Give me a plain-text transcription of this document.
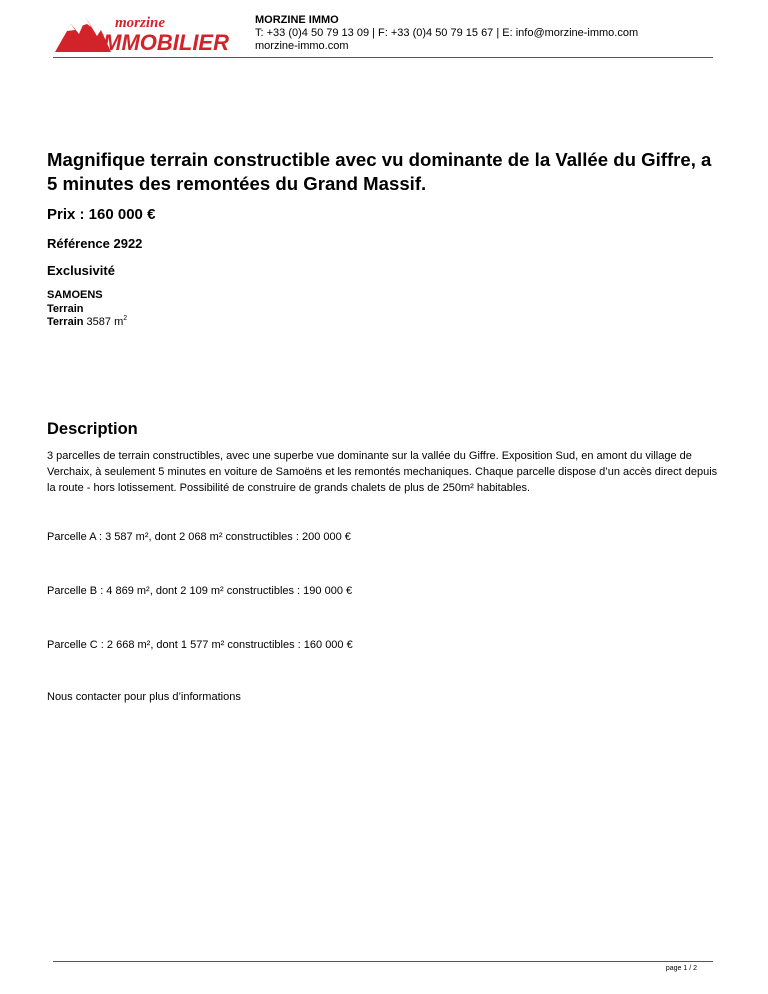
morzine
IMMOBILIER
MORZINE IMMO
T: +33 (0)4 50 79 13 09 | F: +33 (0)4 50 79 15 67 | E: info@morzine-immo.com
morzine-immo.com
Magnifique terrain constructible avec vu dominante de la Vallée du Giffre, a 5 minutes des remontées du Grand Massif.
Prix : 160 000 €
Référence 2922
Exclusivité
SAMOENS
Terrain
Terrain 3587 $m^2$
Description
3 parcelles de terrain constructibles, avec une superbe vue dominante sur la vallée du Giffre. Exposition Sud, en amont du village de Verchaix, à seulement 5 minutes en voiture de Samoëns et les remontés mechaniques. Chaque parcelle dispose d’un accès direct depuis la route - hors lotissement. Possibilité de construire de grands chalets de plus de 250m² habitables.
Parcelle A : 3 587 m², dont 2 068 m² constructibles : 200 000 €
Parcelle B : 4 869 m², dont 2 109 m² constructibles : 190 000 €
Parcelle C : 2 668 m², dont 1 577 m² constructibles : 160 000 €
Nous contacter pour plus d’informations
page 1 / 2
